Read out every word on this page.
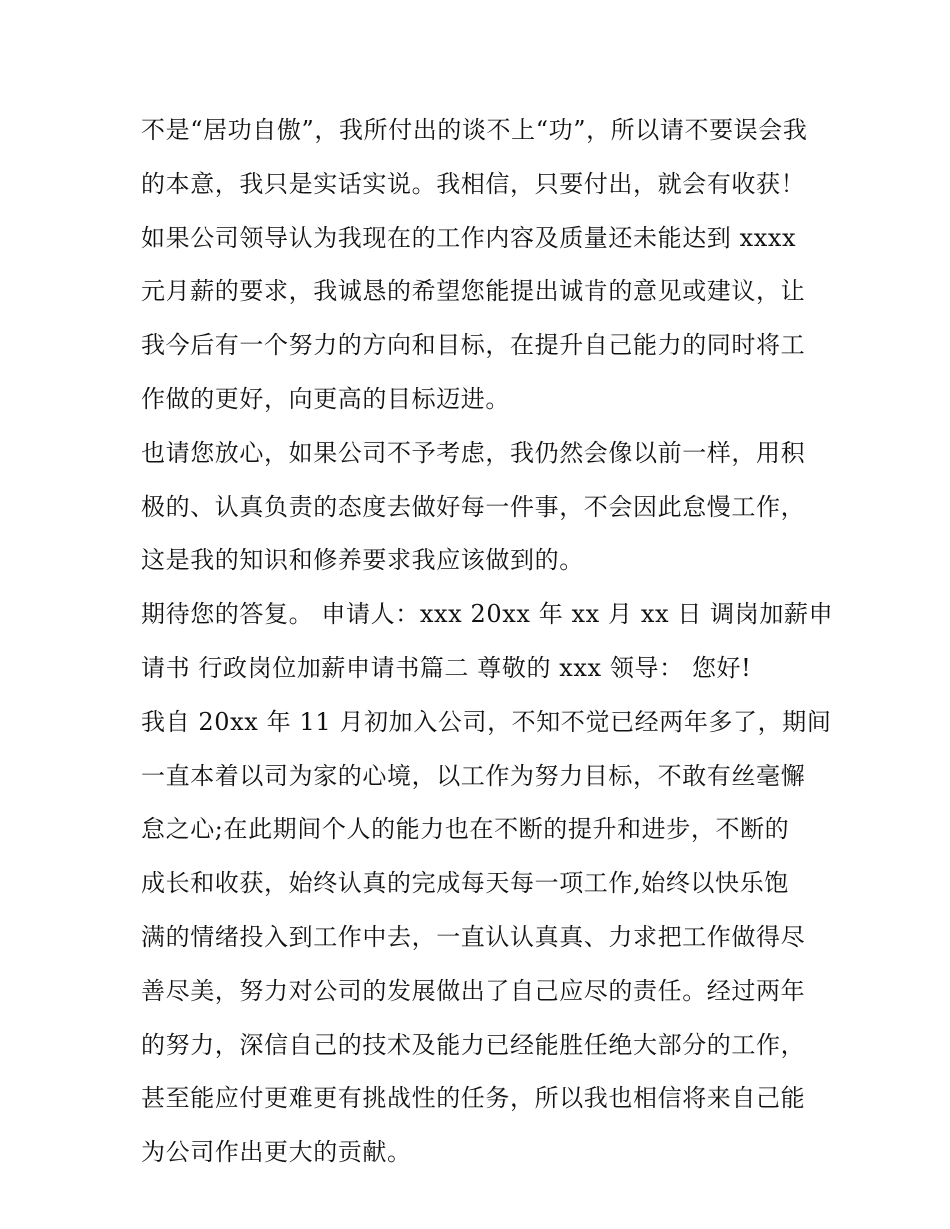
不是“居功自傲”，我所付出的谈不上“功”，所以请不要误会我
的本意，我只是实话实说。我相信，只要付出，就会有收获！
如果公司领导认为我现在的工作内容及质量还未能达到 xxxx
元月薪的要求，我诚恳的希望您能提出诚肯的意见或建议，让
我今后有一个努力的方向和目标，在提升自己能力的同时将工
作做的更好，向更高的目标迈进。
也请您放心，如果公司不予考虑，我仍然会像以前一样，用积
极的、认真负责的态度去做好每一件事，不会因此怠慢工作，
这是我的知识和修养要求我应该做到的。
期待您的答复。 申请人：xxx 20xx 年 xx 月 xx 日 调岗加薪申
请书 行政岗位加薪申请书篇二 尊敬的 xxx 领导： 您好!
我自 20xx 年 11 月初加入公司，不知不觉已经两年多了，期间
一直本着以司为家的心境，以工作为努力目标，不敢有丝毫懈
怠之心;在此期间个人的能力也在不断的提升和进步，不断的
成长和收获，始终认真的完成每天每一项工作,始终以快乐饱
满的情绪投入到工作中去，一直认认真真、力求把工作做得尽
善尽美，努力对公司的发展做出了自己应尽的责任。经过两年
的努力，深信自己的技术及能力已经能胜任绝大部分的工作，
甚至能应付更难更有挑战性的任务，所以我也相信将来自己能
为公司作出更大的贡献。
